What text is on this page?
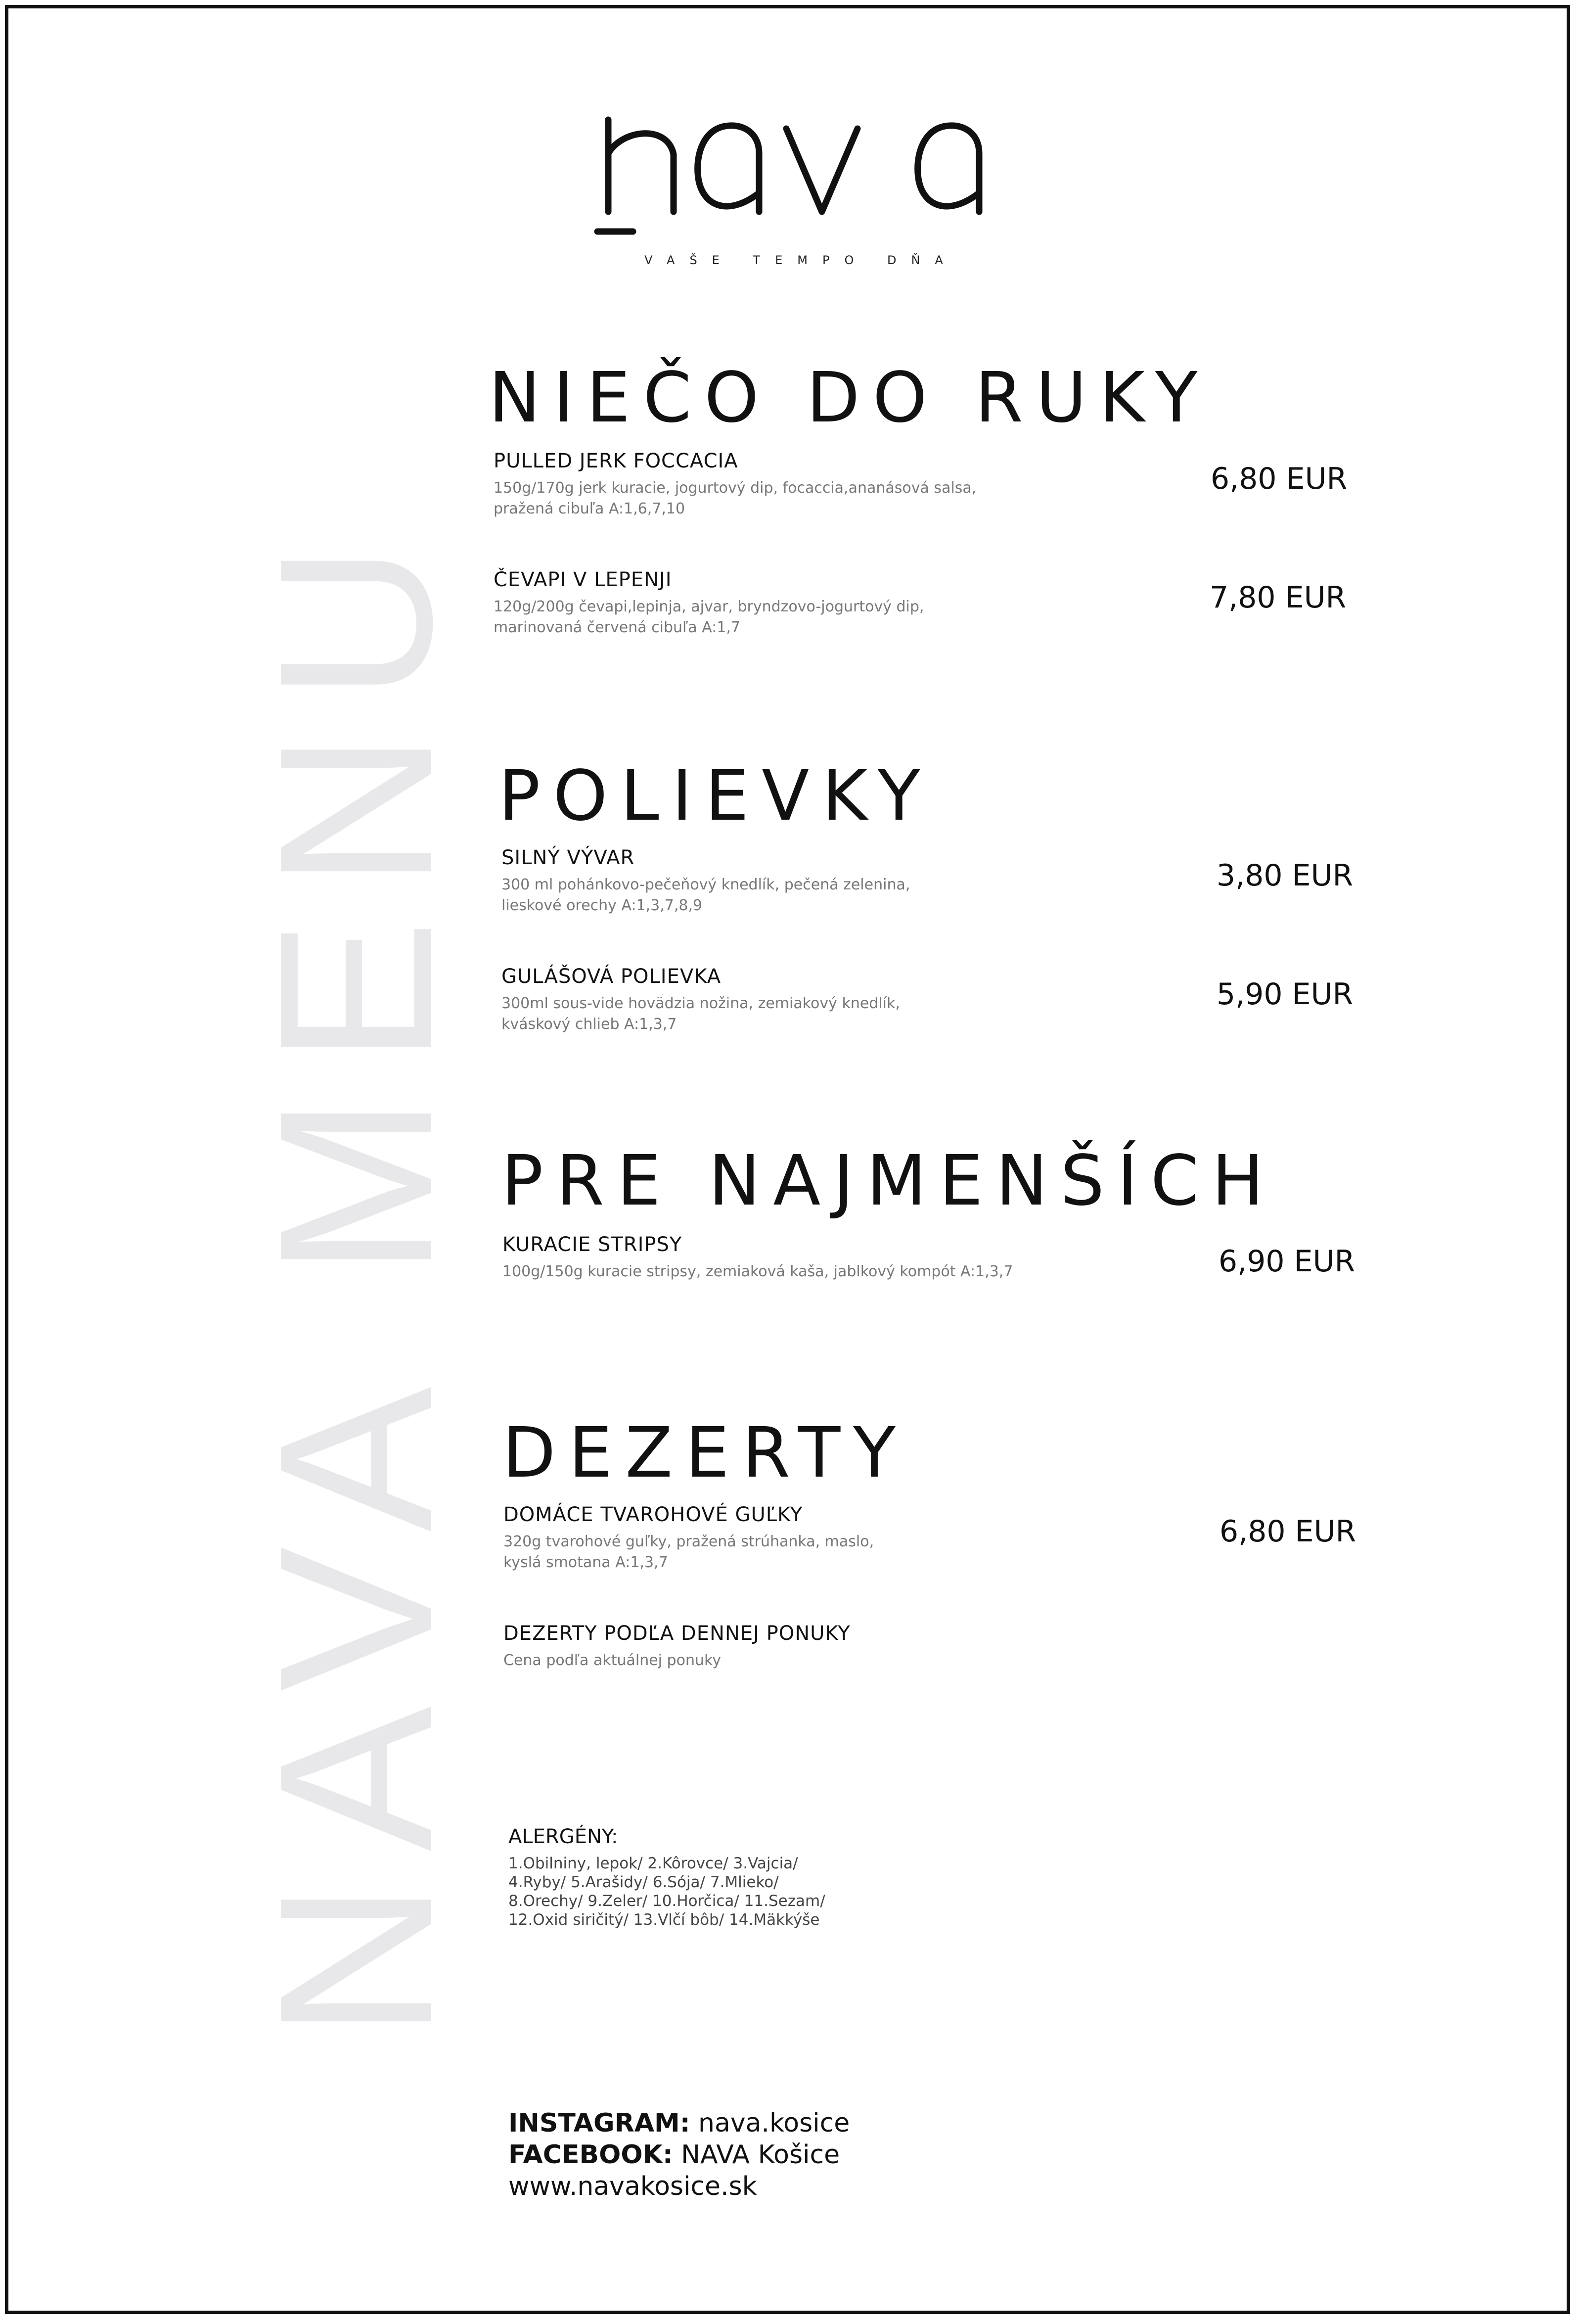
VAŠE TEMPO DŇA
NAVA MENU
NIEČO DO RUKY
PULLED JERK FOCCACIA
150g/170g jerk kuracie, jogurtový dip, focaccia,ananásová salsa,
pražená cibuľa A:1,6,7,10
6,80 EUR
ČEVAPI V LEPENJI
120g/200g čevapi,lepinja, ajvar, bryndzovo-jogurtový dip,
marinovaná červená cibuľa A:1,7
7,80 EUR
POLIEVKY
SILNÝ VÝVAR
300 ml pohánkovo-pečeňový knedlík, pečená zelenina,
lieskové orechy A:1,3,7,8,9
3,80 EUR
GULÁŠOVÁ POLIEVKA
300ml sous-vide hovädzia nožina, zemiakový knedlík,
kváskový chlieb A:1,3,7
5,90 EUR
PRE NAJMENŠÍCH
KURACIE STRIPSY
100g/150g kuracie stripsy, zemiaková kaša, jablkový kompót A:1,3,7	6,90 EUR
DEZERTY
DOMÁCE TVAROHOVÉ GUĽKY
320g tvarohové guľky, pražená strúhanka, maslo,
kyslá smotana A:1,3,7
6,80 EUR
DEZERTY PODĽA DENNEJ PONUKY
Cena podľa aktuálnej ponuky
ALERGÉNY:
1.Obilniny, lepok/ 2.Kôrovce/ 3.Vajcia/
4.Ryby/ 5.Arašidy/ 6.Sója/ 7.Mlieko/
8.Orechy/ 9.Zeler/ 10.Horčica/ 11.Sezam/
12.Oxid siričitý/ 13.Vlčí bôb/ 14.Mäkkýše
INSTAGRAM: nava.kosice
FACEBOOK: NAVA Košice
www.navakosice.sk
